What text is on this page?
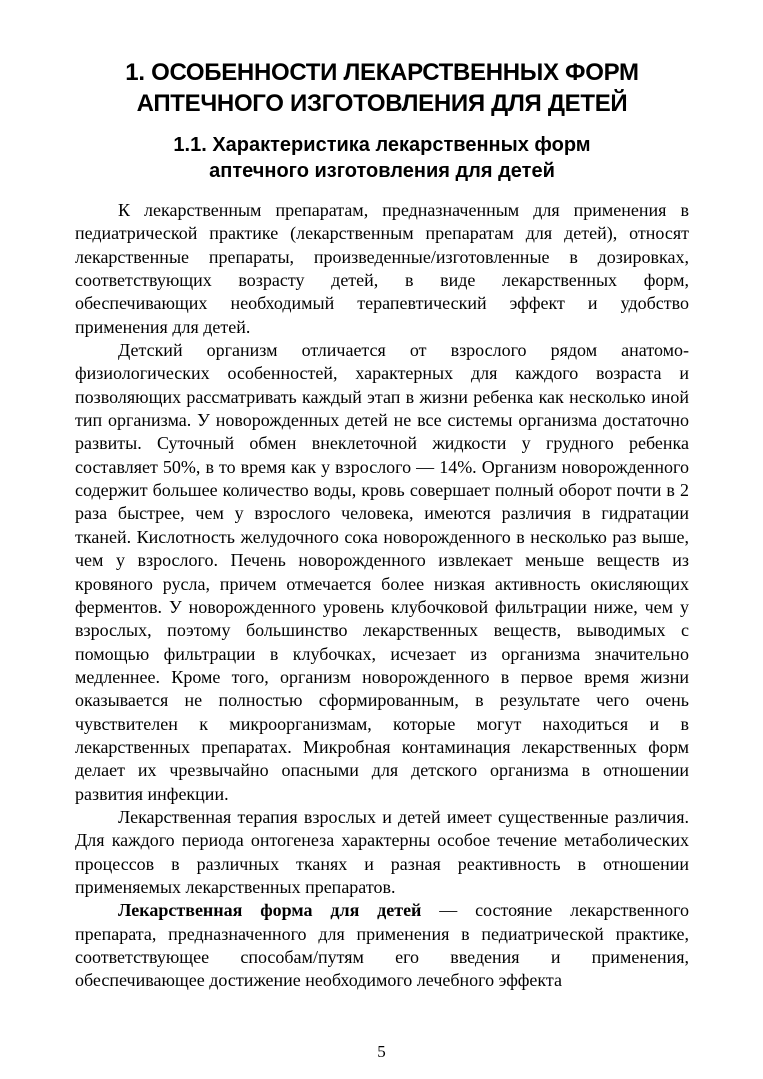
1. ОСОБЕННОСТИ ЛЕКАРСТВЕННЫХ ФОРМ
АПТЕЧНОГО ИЗГОТОВЛЕНИЯ ДЛЯ ДЕТЕЙ
1.1. Характеристика лекарственных форм
аптечного изготовления для детей

К лекарственным препаратам, предназначенным для применения в педиатрической практике (лекарственным препаратам для детей), относят лекарственные препараты, произведенные/изготовленные в дозировках, соответствующих возрасту детей, в виде лекарственных форм, обеспечивающих необходимый терапевтический эффект и удобство применения для детей.

Детский организм отличается от взрослого рядом анатомо-физиологических особенностей, характерных для каждого возраста и позволяющих рассматривать каждый этап в жизни ребенка как несколько иной тип организма. У новорожденных детей не все системы организма достаточно развиты. Суточный обмен внеклеточной жидкости у грудного ребенка составляет 50%, в то время как у взрослого — 14%. Организм новорожденного содержит большее количество воды, кровь совершает полный оборот почти в 2 раза быстрее, чем у взрослого человека, имеются различия в гидратации тканей. Кислотность желудочного сока новорожденного в несколько раз выше, чем у взрослого. Печень новорожденного извлекает меньше веществ из кровяного русла, причем отмечается более низкая активность окисляющих ферментов. У новорожденного уровень клубочковой фильтрации ниже, чем у взрослых, поэтому большинство лекарственных веществ, выводимых с помощью фильтрации в клубочках, исчезает из организма значительно медленнее. Кроме того, организм новорожденного в первое время жизни оказывается не полностью сформированным, в результате чего очень чувствителен к микроорганизмам, которые могут находиться и в лекарственных препаратах. Микробная контаминация лекарственных форм делает их чрезвычайно опасными для детского организма в отношении развития инфекции.

Лекарственная терапия взрослых и детей имеет существенные различия. Для каждого периода онтогенеза характерны особое течение метаболических процессов в различных тканях и разная реактивность в отношении применяемых лекарственных препаратов.

Лекарственная форма для детей — состояние лекарственного препарата, предназначенного для применения в педиатрической практике, соответствующее способам/путям его введения и применения, обеспечивающее достижение необходимого лечебного эффекта

5
